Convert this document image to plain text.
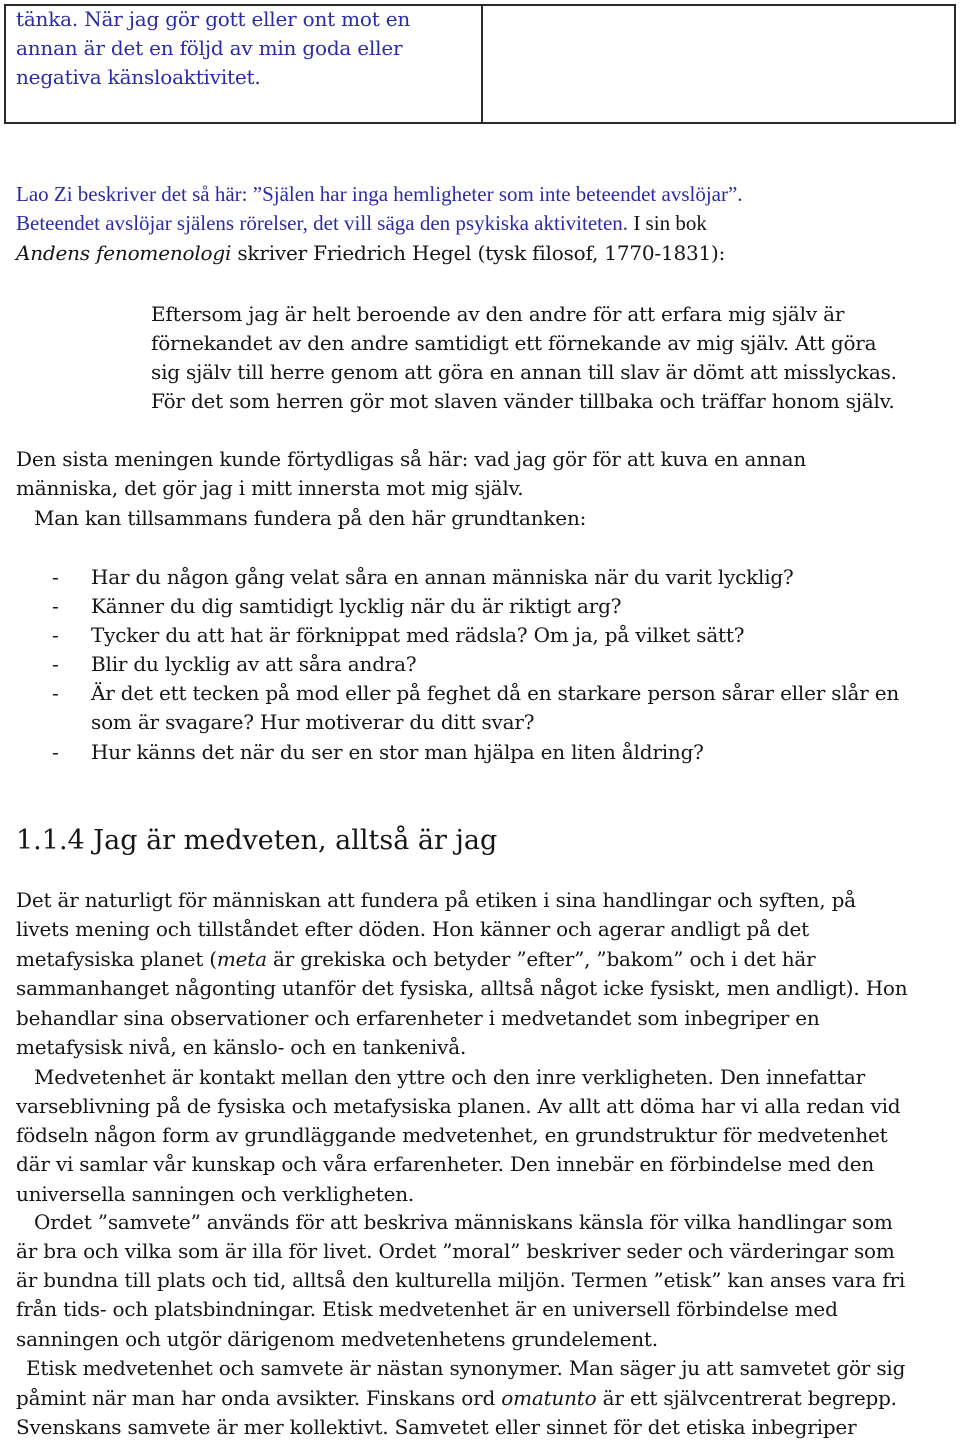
tänka. När jag gör gott eller ont mot en
annan är det en följd av min goda eller
negativa känsloaktivitet.
Lao Zi beskriver det så här: ”Själen har inga hemligheter som inte beteendet avslöjar”.
Beteendet avslöjar själens rörelser, det vill säga den psykiska aktiviteten. I sin bok
Andens fenomenologi skriver Friedrich Hegel (tysk filosof, 1770-1831):
Eftersom jag är helt beroende av den andre för att erfara mig själv är
förnekandet av den andre samtidigt ett förnekande av mig själv. Att göra
sig själv till herre genom att göra en annan till slav är dömt att misslyckas.
För det som herren gör mot slaven vänder tillbaka och träffar honom själv.
Den sista meningen kunde förtydligas så här: vad jag gör för att kuva en annan
människa, det gör jag i mitt innersta mot mig själv.
Man kan tillsammans fundera på den här grundtanken:
- Har du någon gång velat såra en annan människa när du varit lycklig?
- Känner du dig samtidigt lycklig när du är riktigt arg?
- Tycker du att hat är förknippat med rädsla? Om ja, på vilket sätt?
- Blir du lycklig av att såra andra?
- Är det ett tecken på mod eller på feghet då en starkare person sårar eller slår en
som är svagare? Hur motiverar du ditt svar?
- Hur känns det när du ser en stor man hjälpa en liten åldring?
1.1.4 Jag är medveten, alltså är jag
Det är naturligt för människan att fundera på etiken i sina handlingar och syften, på
livets mening och tillståndet efter döden. Hon känner och agerar andligt på det
metafysiska planet (meta är grekiska och betyder ”efter”, ”bakom” och i det här
sammanhanget någonting utanför det fysiska, alltså något icke fysiskt, men andligt). Hon
behandlar sina observationer och erfarenheter i medvetandet som inbegriper en
metafysisk nivå, en känslo- och en tankenivå.
Medvetenhet är kontakt mellan den yttre och den inre verkligheten. Den innefattar
varseblivning på de fysiska och metafysiska planen. Av allt att döma har vi alla redan vid
födseln någon form av grundläggande medvetenhet, en grundstruktur för medvetenhet
där vi samlar vår kunskap och våra erfarenheter. Den innebär en förbindelse med den
universella sanningen och verkligheten.
Ordet ”samvete” används för att beskriva människans känsla för vilka handlingar som
är bra och vilka som är illa för livet. Ordet ”moral” beskriver seder och värderingar som
är bundna till plats och tid, alltså den kulturella miljön. Termen ”etisk” kan anses vara fri
från tids- och platsbindningar. Etisk medvetenhet är en universell förbindelse med
sanningen och utgör därigenom medvetenhetens grundelement.
Etisk medvetenhet och samvete är nästan synonymer. Man säger ju att samvetet gör sig
påmint när man har onda avsikter. Finskans ord omatunto är ett självcentrerat begrepp.
Svenskans samvete är mer kollektivt. Samvetet eller sinnet för det etiska inbegriper
